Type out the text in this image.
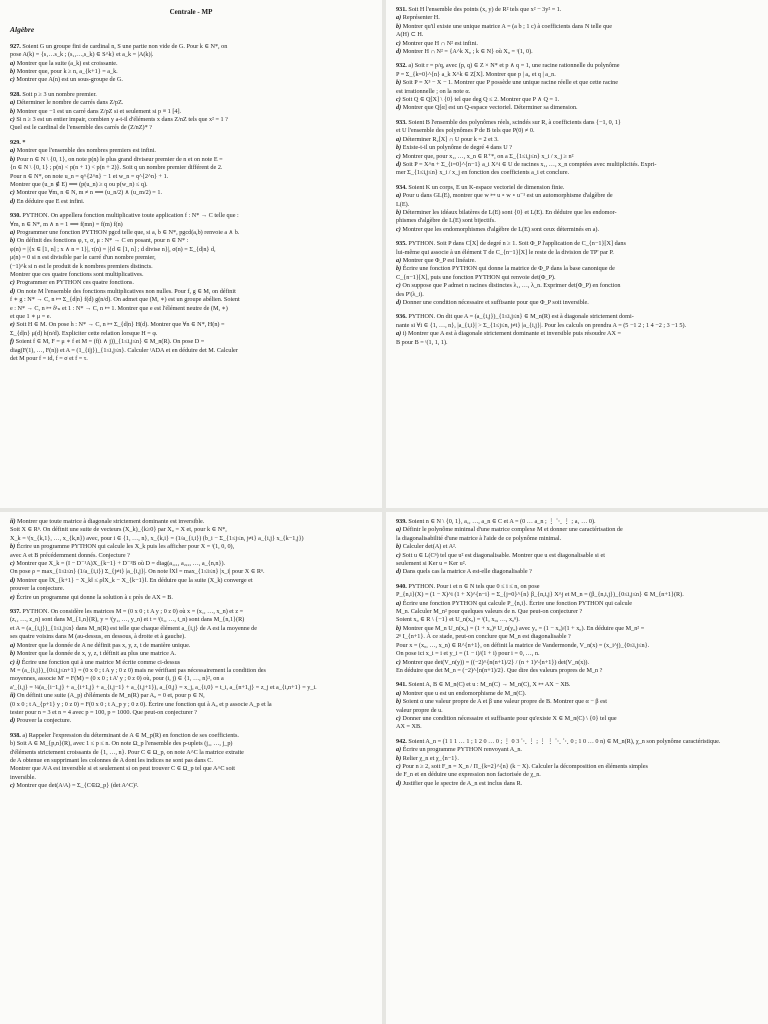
Centrale - MP
Algèbre

927. Soient G un groupe fini de cardinal n, S une partie non vide de G. Pour k ∈ N*, on

pose A(k) = {s₁…s_k ; (s₁,…,s_k) ∈ S^k} et a_k = |A(k)|.

a) Montrer que la suite (a_k) est croissante.

b) Montrer que, pour k ≥ n, a_{k+1} = a_k.

c) Montrer que A(n) est un sous-groupe de G.

928. Soit p ≥ 3 un nombre premier.

a) Déterminer le nombre de carrés dans Z/pZ.

b) Montrer que −1 est un carré dans Z/pZ si et seulement si p ≡ 1 [4].

c) Si n ≥ 3 est un entier impair, combien y a-t-il d'éléments x dans Z/nZ tels que x² = 1 ?

Quel est le cardinal de l'ensemble des carrés de (Z/nZ)* ?

929. *

a) Montrer que l'ensemble des nombres premiers est infini.

b) Pour n ∈ N \ {0, 1}, on note p(n) le plus grand diviseur premier de n et on note E =

{n ∈ N \ {0, 1} ; p(n) < p(n + 1) < p(n + 2)}. Soit q un nombre premier différent de 2.

Pour n ∈ N*, on note u_n = q^{2^n} − 1 et w_n = q^{2^n} + 1.

Montrer que (u_n ∉ E) ⟹ (p(u_n) ≥ q ou p(w_n) ≤ q).

c) Montrer que ∀m, n ∈ N, m ≠ n ⟹ (u_n/2) ∧ (u_m/2) = 1.

d) En déduire que E est infini.

930. PYTHON. On appellera fonction multiplicative toute application f : N* → C telle que :

∀m, n ∈ N*, m ∧ n = 1 ⟹ f(mn) = f(m) f(n)

a) Programmer une fonction PYTHON pgcd telle que, si a, b ∈ N*, pgcd(a,b) renvoie a ∧ b.

b) On définit des fonctions φ, τ, σ, μ : N* → C en posant, pour n ∈ N* :

φ(n) = |{x ∈ [1, n] ; x ∧ n = 1}|, τ(n) = |{d ∈ [1, n] ; d divise n}|, σ(n) = Σ_{d|n} d,

μ(n) = 0 si n est divisible par le carré d'un nombre premier,

(−1)^k si n est le produit de k nombres premiers distincts.

Montrer que ces quatre fonctions sont multiplicatives.

c) Programmer en PYTHON ces quatre fonctions.

d) On note M l'ensemble des fonctions multiplicatives non nulles. Pour f, g ∈ M, on définit

f ∗ g : N* → C, n ↦ Σ_{d|n} f(d) g(n/d). On admet que (M, ∗) est un groupe abélien. Soient

e : N* → C, n ↦ δ¹ₙ et 1 : N* → C, n ↦ 1. Montrer que e est l'élément neutre de (M, ∗)

et que 1 ∗ μ = e.

e) Soit H ∈ M. On pose h : N* → C, n ↦ Σ_{d|n} H(d). Montrer que ∀n ∈ N*, H(n) =

Σ_{d|n} μ(d) h(n/d). Expliciter cette relation lorsque H = φ.

f) Soient f ∈ M, F = μ ∗ f et M = (f(i ∧ j))_{1≤i,j≤n} ∈ M_n(R). On pose D =

diag(F(1), …, F(n)) et A = (1_{i|j})_{1≤i,j≤n}. Calculer ᵗADA et en déduire det M. Calculer

det M pour f = id, f = σ et f = τ.

931. Soit H l'ensemble des points (x, y) de R² tels que x² − 3y² = 1.

a) Représenter H.

b) Montrer qu'il existe une unique matrice A = (a b ; 1 c) à coefficients dans N telle que

A(H) ⊂ H.

c) Montrer que H ∩ N² est infini.

d) Montrer H ∩ N² = {A^k X₀ ; k ∈ N} où X₀ = ᵗ(1, 0).

932. a) Soit r = p/q, avec (p, q) ∈ Z × N* et p ∧ q = 1, une racine rationnelle du polynôme

P = Σ_{k=0}^{n} a_k X^k ∈ Z[X]. Montrer que p | a₀ et q | a_n.

b) Soit P = X³ − X − 1. Montrer que P possède une unique racine réelle et que cette racine

est irrationnelle ; on la note α.

c) Soit Q ∈ Q[X] \ {0} tel que deg Q ≤ 2. Montrer que P ∧ Q = 1.

d) Montrer que Q[α] est un Q-espace vectoriel. Déterminer sa dimension.

933. Soient B l'ensemble des polynômes réels, scindés sur R, à coefficients dans {−1, 0, 1}

et U l'ensemble des polynômes P de B tels que P(0) ≠ 0.

a) Déterminer R₂[X] ∩ U pour k = 2 et 3.

b) Existe-t-il un polynôme de degré 4 dans U ?

c) Montrer que, pour x₁, …, x_n ∈ R⁺*, on a Σ_{1≤i,j≤n} x_i / x_j ≥ n²

d) Soit P = X^n + Σ_{i=0}^{n−1} a_i X^i ∈ U de racines x₁, …, x_n comptées avec multiplicités. Expri-

mer Σ_{1≤i,j≤n} x_i / x_j en fonction des coefficients a_i et conclure.

934. Soient K un corps, E un K-espace vectoriel de dimension finie.

a) Pour u dans GL(E), montrer que w ↦ u ∘ w ∘ u⁻¹ est un automorphisme d'algèbre de

L(E).

b) Déterminer les idéaux bilatères de L(E) sont {0} et L(E). En déduire que les endomor-

phismes d'algèbre de L(E) sont bijectifs.

c) Montrer que les endomorphismes d'algèbre de L(E) sont ceux déterminés en a).

935. PYTHON. Soit P dans C[X] de degré n ≥ 1. Soit Φ_P l'application de C_{n−1}[X] dans

lui-même qui associe à un élément T de C_{n−1}[X] le reste de la division de TP' par P.

a) Montrer que Φ_P est linéaire.

b) Écrire une fonction PYTHON qui donne la matrice de Φ_P dans la base canonique de

C_{n−1}[X], puis une fonction PYTHON qui renvoie det(Φ_P).

c) On suppose que P admet n racines distinctes λ₁, …, λ_n. Exprimer det(Φ_P) en fonction

des P'(λ_i).

d) Donner une condition nécessaire et suffisante pour que Φ_P soit inversible.

936. PYTHON. On dit que A = (a_{i,j})_{1≤i,j≤n} ∈ M_n(R) est à diagonale strictement domi-

nante si ∀i ∈ {1, …, n}, |a_{i,i}| > Σ_{1≤j≤n, j≠i} |a_{i,j}|. Pour les calculs on prendra A = (5 −1 2 ; 1 4 −2 ; 3 −1 5).

a) i) Montrer que A est à diagonale strictement dominante et inversible puis résoudre AX =

B pour B = ᵗ(1, 1, 1).

ii) Montrer que toute matrice à diagonale strictement dominante est inversible.

Soit X ∈ Rⁿ. On définit une suite de vecteurs (X_k)_{k≥0} par X₀ = X et, pour k ∈ N*,

X_k = ᵗ(x_{k,1}, …, x_{k,n}) avec, pour i ∈ {1, …, n}, x_{k,i} = (1/a_{i,i}) (b_i − Σ_{1≤j≤n, j≠i} a_{i,j} x_{k−1,j})

b) Écrire un programme PYTHON qui calcule les X_k puis les afficher pour X = ᵗ(1, 0, 0),

avec A et B précédemment donnés. Conjecture ?

c) Montrer que X_k = (I − D⁻¹A)X_{k−1} + D⁻¹B où D = diag(a₁,₁, a₂,₂, …, a_{n,n}).

On pose ρ = max_{1≤i≤n} (1/a_{i,i}) Σ_{j≠i} |a_{i,j}|. On note ‖X‖ = max_{1≤i≤n} |x_i| pour X ∈ Rⁿ.

d) Montrer que ‖X_{k+1} − X_k‖ ≤ ρ‖X_k − X_{k−1}‖. En déduire que la suite (X_k) converge et

prouver la conjecture.

e) Écrire un programme qui donne la solution à ε près de AX = B.

937. PYTHON. On considère les matrices M = (0 x 0 ; t A y ; 0 z 0) où x = (x₁, …, x_n) et z =

(z₁, …, z_n) sont dans M_{1,n}(R), y = ᵗ(y₁, …, y_n) et t = ᵗ(t₁, …, t_n) sont dans M_{n,1}(R)

et A = (a_{i,j})_{1≤i,j≤n} dans M_n(R) est telle que chaque élément a_{i,j} de A est la moyenne de

ses quatre voisins dans M (au-dessus, en dessous, à droite et à gauche).

a) Montrer que la donnée de A ne définit pas x, y, z, t de manière unique.

b) Montrer que la donnée de x, y, z, t définit au plus une matrice A.

c) i) Écrire une fonction qui à une matrice M écrite comme ci-dessus

M = (a_{i,j})_{0≤i,j≤n+1} = (0 x 0 ; t A y ; 0 z 0) mais ne vérifiant pas nécessairement la condition des

moyennes, associe M' = F(M) = (0 x 0 ; t A' y ; 0 z 0) où, pour (i, j) ∈ {1, …, n}², on a

a'_{i,j} = ¼(a_{i−1,j} + a_{i+1,j} + a_{i,j−1} + a_{i,j+1}), a_{0,j} = x_j, a_{i,0} = t_i, a_{n+1,j} = z_j et a_{i,n+1} = y_i.

ii) On définit une suite (A_p) d'éléments de M_n(R) par A₀ = 0 et, pour p ∈ N,

(0 x 0 ; t A_{p+1} y ; 0 z 0) = F(0 x 0 ; t A_p y ; 0 z 0). Écrire une fonction qui à A₀ et p associe A_p et la

tester pour n = 3 et n = 4 avec p = 100, p = 1000. Que peut-on conjecturer ?

d) Prouver la conjecture.

938. a) Rappeler l'expression du déterminant de A ∈ M_p(R) en fonction de ses coefficients.

b) Soit A ∈ M_{p,n}(R), avec 1 ≤ p ≤ n. On note Ω_p l'ensemble des p-uplets (j₁, …, j_p)

d'éléments strictement croissants de {1, …, n}. Pour C ∈ Ω_p, on note A^C la matrice extraite

de A obtenue en supprimant les colonnes de A dont les indices ne sont pas dans C.

Montrer que AᵗA est inversible si et seulement si on peut trouver C ∈ Ω_p tel que A^C soit

inversible.

c) Montrer que det(AᵗA) = Σ_{C∈Ω_p} (det A^C)².

939. Soient n ∈ N \ {0, 1}, a₁, …, a_n ∈ C et A = (0 … a_n ; ⋮ ⋱ ⋮ ; a₁ … 0).

a) Définir le polynôme minimal d'une matrice complexe M et donner une caractérisation de

la diagonalisabilité d'une matrice à l'aide de ce polynôme minimal.

b) Calculer det(A) et A².

c) Soit u ∈ L(Cⁿ) tel que u² est diagonalisable. Montrer que u est diagonalisable si et

seulement si Ker u = Ker u².

d) Dans quels cas la matrice A est-elle diagonalisable ?

940. PYTHON. Pour i et n ∈ N tels que 0 ≤ i ≤ n, on pose

P_{n,i}(X) = (1 − X)^i (1 + X)^{n−i} = Σ_{j=0}^{n} β_{n,i,j} X^j et M_n = (β_{n,i,j})_{0≤i,j≤n} ∈ M_{n+1}(R).

a) Écrire une fonction PYTHON qui calcule P_{n,i}. Écrire une fonction PYTHON qui calcule

M_n. Calculer M_n² pour quelques valeurs de n. Que peut-on conjecturer ?

Soient x₀ ∈ R \ {−1} et U_n(x₀) = ᵗ(1, x₀, …, x₀ⁿ).

b) Montrer que M_n U_n(x₀) = (1 + x₀)ⁿ U_n(y₀) avec y₀ = (1 − x₀)/(1 + x₀). En déduire que M_n² =

2ⁿ I_{n+1}. À ce stade, peut-on conclure que M_n est diagonalisable ?

Pour x = (x₀, …, x_n) ∈ R^{n+1}, on définit la matrice de Vandermonde, V_n(x) = (x_i^j)_{0≤i,j≤n}.

On pose ici x_i = i et y_i = (1 − i)/(1 + i) pour i = 0, …, n.

c) Montrer que det(V_n(y)) = ((−2)^{n(n+1)/2} / (n + 1)^{n+1}) det(V_n(x)).

En déduire que det M_n = (−2)^{n(n+1)/2}. Que dire des valeurs propres de M_n ?

941. Soient A, B ∈ M_n(C) et u : M_n(C) → M_n(C), X ↦ AX − XB.

a) Montrer que u est un endomorphisme de M_n(C).

b) Soient α une valeur propre de A et β une valeur propre de B. Montrer que α − β est

valeur propre de u.

c) Donner une condition nécessaire et suffisante pour qu'existe X ∈ M_n(C) \ {0} tel que

AX = XB.

942. Soient A_n = (1 1 1 … 1 ; 1 2 0 … 0 ; ⋮ 0 3 ⋱ ⋮ ; ⋮ ⋮ ⋱ ⋱ 0 ; 1 0 … 0 n) ∈ M_n(R), χ_n son polynôme caractéristique.

a) Écrire un programme PYTHON renvoyant A_n.

b) Relier χ_n et χ_{n−1}.

c) Pour n ≥ 2, soit F_n = X_n / Π_{k=2}^{n} (k − X). Calculer la décomposition en éléments simples

de F_n et en déduire une expression non factorisée de χ_n.

d) Justifier que le spectre de A_n est inclus dans R.
